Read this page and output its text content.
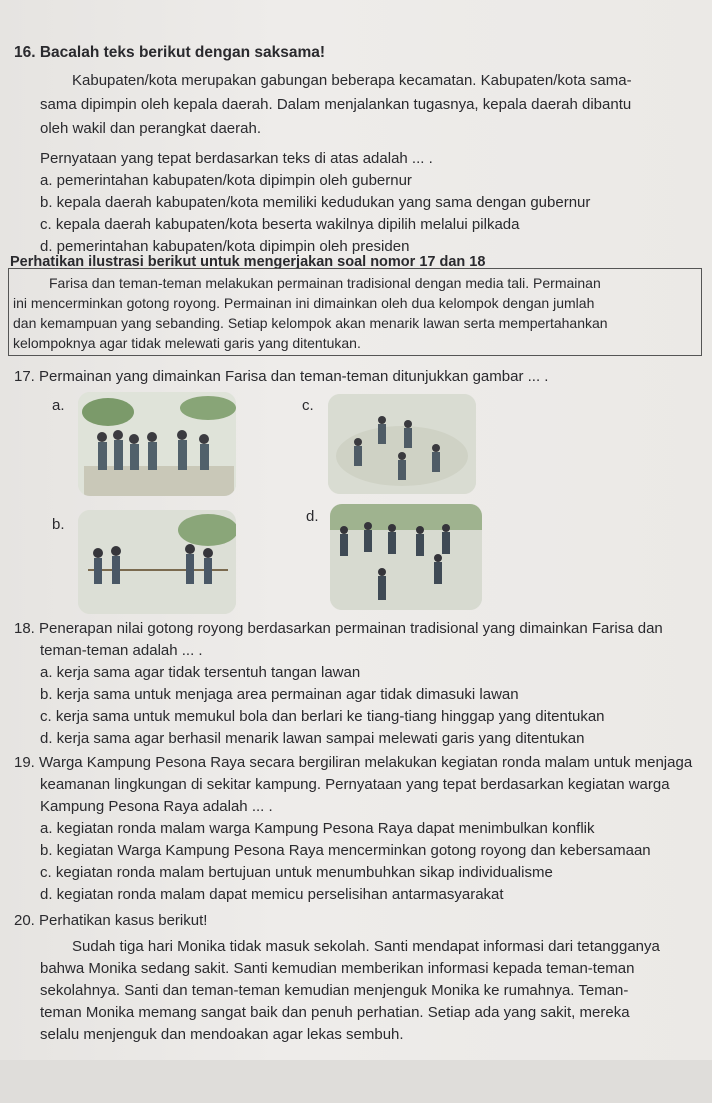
16. Bacalah teks berikut dengan saksama!
Kabupaten/kota merupakan gabungan beberapa kecamatan. Kabupaten/kota sama-
sama dipimpin oleh kepala daerah. Dalam menjalankan tugasnya, kepala daerah dibantu
oleh wakil dan perangkat daerah.
Pernyataan yang tepat berdasarkan teks di atas adalah ... .
a. pemerintahan kabupaten/kota dipimpin oleh gubernur
b. kepala daerah kabupaten/kota memiliki kedudukan yang sama dengan gubernur
c. kepala daerah kabupaten/kota beserta wakilnya dipilih melalui pilkada
d. pemerintahan kabupaten/kota dipimpin oleh presiden
Perhatikan ilustrasi berikut untuk mengerjakan soal nomor 17 dan 18
Farisa dan teman-teman melakukan permainan tradisional dengan media tali. Permainan
ini mencerminkan gotong royong. Permainan ini dimainkan oleh dua kelompok dengan jumlah
dan kemampuan yang sebanding. Setiap kelompok akan menarik lawan serta mempertahankan
kelompoknya agar tidak melewati garis yang ditentukan.
17. Permainan yang dimainkan Farisa dan teman-teman ditunjukkan gambar ... .
a.	c.
b.	d.
18. Penerapan nilai gotong royong berdasarkan permainan tradisional yang dimainkan Farisa dan
teman-teman adalah ... .
a. kerja sama agar tidak tersentuh tangan lawan
b. kerja sama untuk menjaga area permainan agar tidak dimasuki lawan
c. kerja sama untuk memukul bola dan berlari ke tiang-tiang hinggap yang ditentukan
d. kerja sama agar berhasil menarik lawan sampai melewati garis yang ditentukan
19. Warga Kampung Pesona Raya secara bergiliran melakukan kegiatan ronda malam untuk menjaga
keamanan lingkungan di sekitar kampung. Pernyataan yang tepat berdasarkan kegiatan warga
Kampung Pesona Raya adalah ... .
a. kegiatan ronda malam warga Kampung Pesona Raya dapat menimbulkan konflik
b. kegiatan Warga Kampung Pesona Raya mencerminkan gotong royong dan kebersamaan
c. kegiatan ronda malam bertujuan untuk menumbuhkan sikap individualisme
d. kegiatan ronda malam dapat memicu perselisihan antarmasyarakat
20. Perhatikan kasus berikut!
Sudah tiga hari Monika tidak masuk sekolah. Santi mendapat informasi dari tetangganya
bahwa Monika sedang sakit. Santi kemudian memberikan informasi kepada teman-teman
sekolahnya. Santi dan teman-teman kemudian menjenguk Monika ke rumahnya. Teman-
teman Monika memang sangat baik dan penuh perhatian. Setiap ada yang sakit, mereka
selalu menjenguk dan mendoakan agar lekas sembuh.
